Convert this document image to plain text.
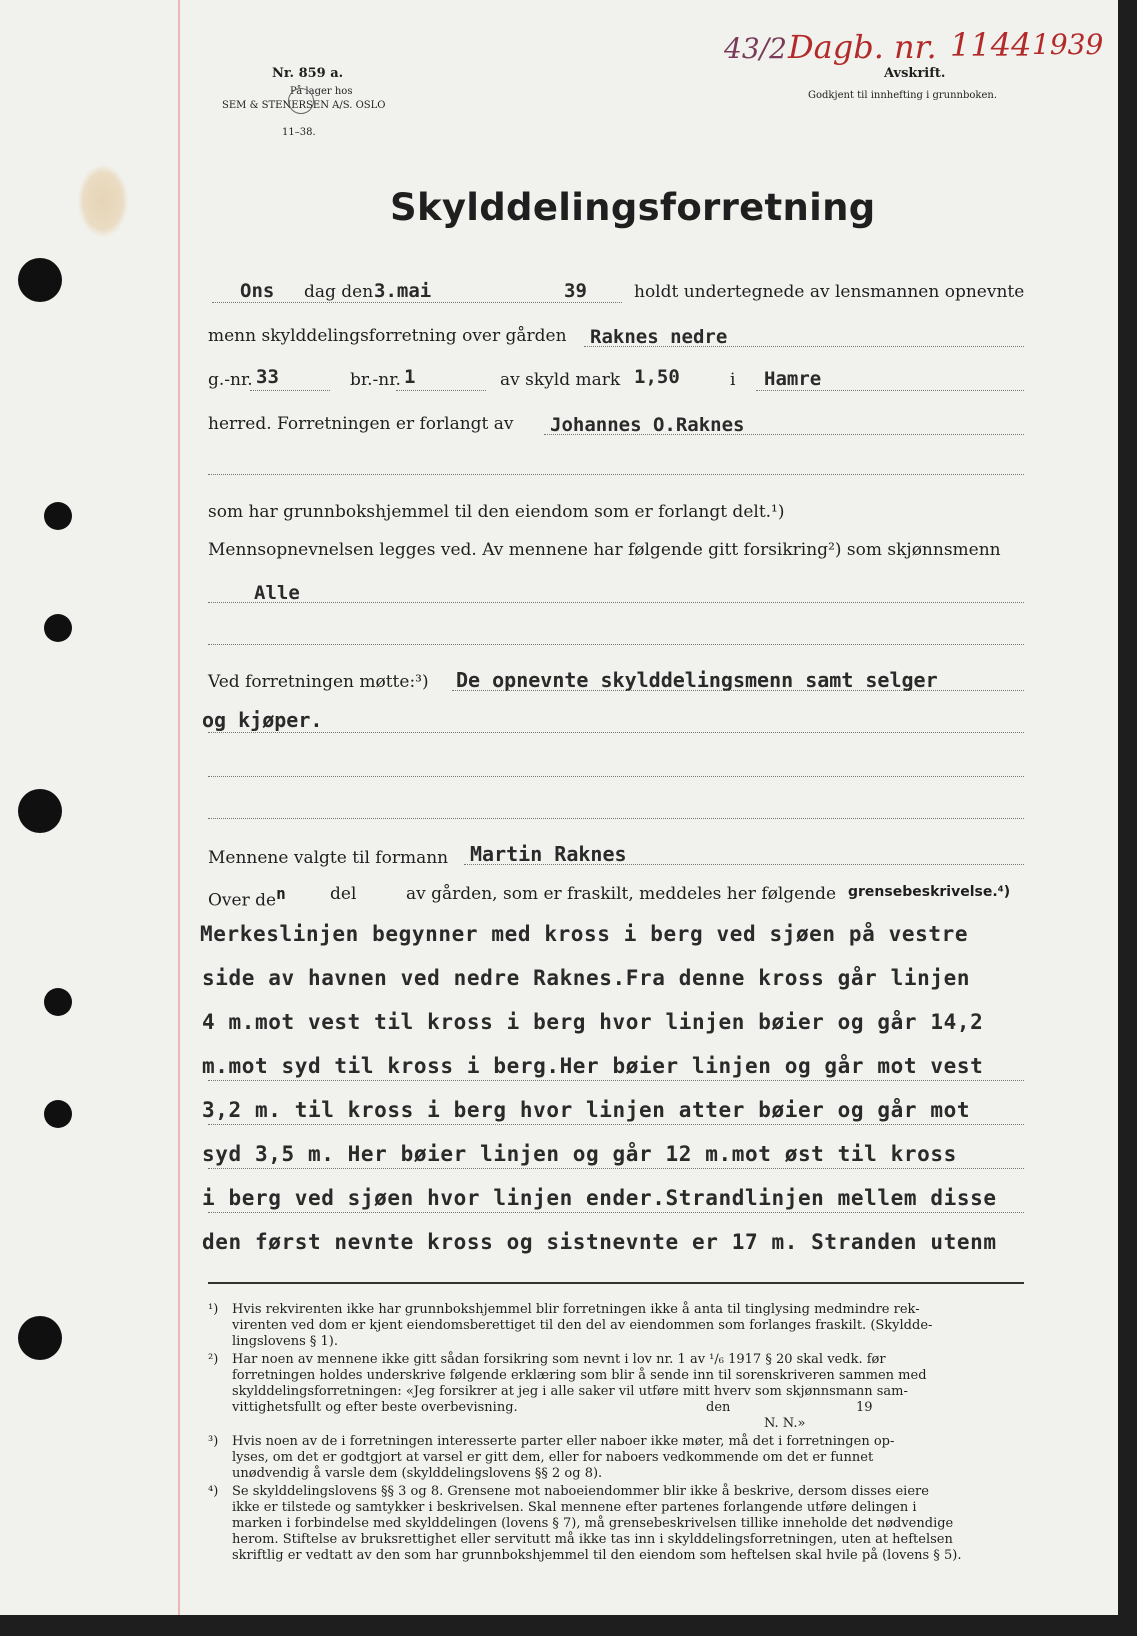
Nr. 859 a.
På lager hos
SEM & STENERSEN A/S. OSLO
11–38.
43/2 Dagb. nr. 1144 1939
Avskrift.
Godkjent til innhefting i grunnboken.
Skylddelingsforretning
Ons dag den 3.mai	39	holdt undertegnede av lensmannen opnevnte
menn skylddelingsforretning over gården Raknes nedre
g.-nr. 33	br.-nr. 1	av skyld mark 1,50	i Hamre
herred. Forretningen er forlangt av Johannes O.Raknes
som har grunnbokshjemmel til den eiendom som er forlangt delt.¹)
Mennsopnevnelsen legges ved. Av mennene har følgende gitt forsikring²) som skjønnsmenn
Alle
Ved forretningen møtte:³) De opnevnte skylddelingsmenn samt selger
og kjøper.
Mennene valgte til formann Martin Raknes
Over $de^n$	del	av gården, som er fraskilt, meddeles her følgende grensebeskrivelse.⁴)
Merkeslinjen begynner med kross i berg ved sjøen på vestre
side av havnen ved nedre Raknes.Fra denne kross går linjen
4 m.mot vest til kross i berg hvor linjen bøier og går 14,2
m.mot syd til kross i berg.Her bøier linjen og går mot vest
3,2 m. til kross i berg hvor linjen atter bøier og går mot
syd 3,5 m. Her bøier linjen og går 12 m.mot øst til kross
i berg ved sjøen hvor linjen ender.Strandlinjen mellem disse
den først nevnte kross og sistnevnte er 17 m. Stranden utenm
¹) Hvis rekvirenten ikke har grunnbokshjemmel blir forretningen ikke å anta til tinglysing medmindre rek-
virenten ved dom er kjent eiendomsberettiget til den del av eiendommen som forlanges fraskilt. (Skyldde-
lingslovens § 1).
²) Har noen av mennene ikke gitt sådan forsikring som nevnt i lov nr. 1 av ¹/₆ 1917 § 20 skal vedk. før
forretningen holdes underskrive følgende erklæring som blir å sende inn til sorenskriveren sammen med
skylddelingsforretningen: «Jeg forsikrer at jeg i alle saker vil utføre mitt hverv som skjønnsmann sam-
vittighetsfullt og efter beste overbevisning.	den	19
N. N.»
³) Hvis noen av de i forretningen interesserte parter eller naboer ikke møter, må det i forretningen op-
lyses, om det er godtgjort at varsel er gitt dem, eller for naboers vedkommende om det er funnet
unødvendig å varsle dem (skylddelingslovens §§ 2 og 8).
⁴) Se skylddelingslovens §§ 3 og 8. Grensene mot naboeiendommer blir ikke å beskrive, dersom disses eiere
ikke er tilstede og samtykker i beskrivelsen. Skal mennene efter partenes forlangende utføre delingen i
marken i forbindelse med skylddelingen (lovens § 7), må grensebeskrivelsen tillike inneholde det nødvendige
herom. Stiftelse av bruksrettighet eller servitutt må ikke tas inn i skylddelingsforretningen, uten at heftelsen
skriftlig er vedtatt av den som har grunnbokshjemmel til den eiendom som heftelsen skal hvile på (lovens § 5).
